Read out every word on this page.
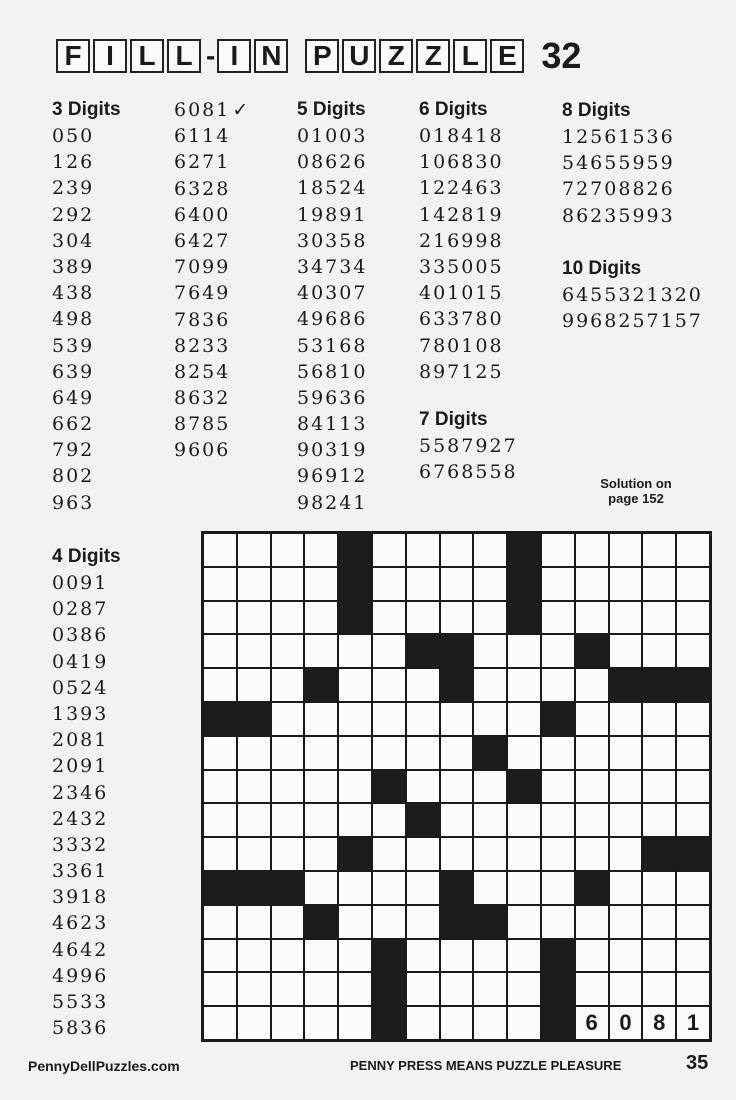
F I L L - I N P U Z Z L E 32
3 Digits
050
126
239
292
304
389
438
498
539
639
649
662
792
802
963
6081 ✓
6114
6271
6328
6400
6427
7099
7649
7836
8233
8254
8632
8785
9606
5 Digits
01003
08626
18524
19891
30358
34734
40307
49686
53168
56810
59636
84113
90319
96912
98241
6 Digits
018418
106830
122463
142819
216998
335005
401015
633780
780108
897125
7 Digits
5587927
6768558
8 Digits
12561536
54655959
72708826
86235993
10 Digits
6455321320
9968257157
4 Digits
0091
0287
0386
0419
0524
1393
2081
2091
2346
2432
3332
3361
3918
4623
4642
4996
5533
5836
Solution on
page 152
6 0 8 1
PennyDellPuzzles.com	PENNY PRESS MEANS PUZZLE PLEASURE	35
